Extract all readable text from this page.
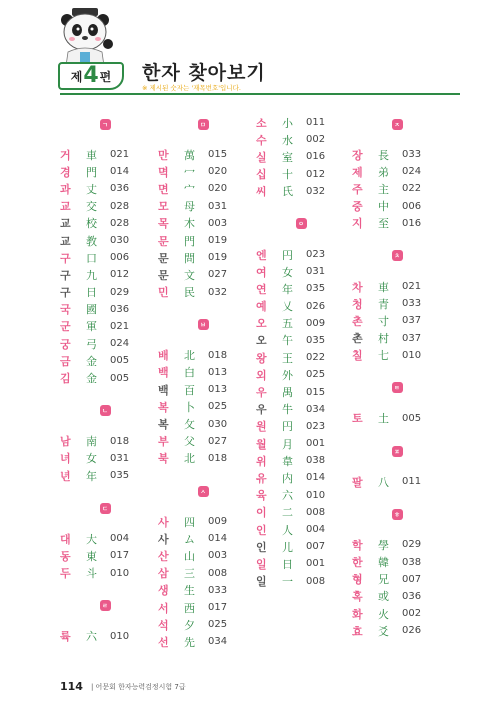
제 4 편 한자 찾아보기
※ 제시된 숫자는 '재목번호'입니다.
ㄱ
거	車	021
경	門	014
과	丈	036
교	交	028
교	校	028
교	教	030
구	口	006
구	九	012
구	日	029
국	國	036
군	軍	021
궁	弓	024
금	金	005
김	金	005
ㄴ
남	南	018
녀	女	031
년	年	035
ㄷ
대	大	004
동	東	017
두	斗	010
ㄹ
륙	六	010
ㅁ
만	萬	015
멱	冖	020
면	宀	020
모	母	031
목	木	003
문	門	019
문	問	019
문	文	027
민	民	032
ㅂ
배	北	018
백	白	013
백	百	013
복	卜	025
복	攵	030
부	父	027
북	北	018
ㅅ
사	四	009
사	ム	014
산	山	003
삼	三	008
생	生	033
서	西	017
석	夕	025
선	先	034
소	小	011
수	水	002
실	室	016
십	十	012
씨	氏	032
ㅇ
엔	円	023
여	女	031
연	年	035
예	乂	026
오	五	009
오	午	035
왕	王	022
외	外	025
우	禺	015
우	牛	034
원	円	023
월	月	001
위	韋	038
유	内	014
육	六	010
이	二	008
인	人	004
인	儿	007
일	日	001
일	一	008
ㅈ
장	長	033
제	弟	024
주	主	022
중	中	006
지	至	016
ㅊ
차	車	021
청	青	033
촌	寸	037
촌	村	037
칠	七	010
ㅌ
토	土	005
ㅍ
팔	八	011
ㅎ
학	學	029
한	韓	038
형	兄	007
혹	或	036
화	火	002
효	爻	026
114 | 어문회 한자능력검정시험 7급
